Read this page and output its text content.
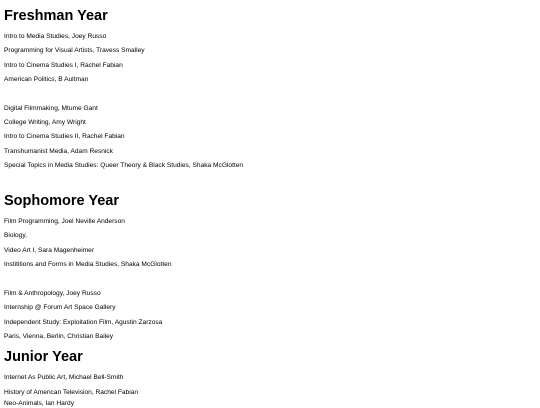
Freshman Year

Intro to Media Studies, Joey Russo

Programming for Visual Artists, Travess Smalley

Intro to Cinema Studies I, Rachel Fabian

American Politics, B Aultman

Digital Filmmaking, Mtume Gant

College Writing, Amy Wright

Intro to Cinema Studies II, Rachel Fabian

Transhumanist Media, Adam Resnick

Special Topics in Media Studies: Queer Theory & Black Studies, Shaka McGlotten

Sophomore Year

Film Programming, Joel Neville Anderson

Biology,

Video Art I, Sara Magenheimer

Instititions and Forms in Media Studies, Shaka McGlotten

Film & Anthropology, Joey Russo

Internship @ Forum Art Space Gallery

Independent Study: Exploitation Film, Agustin Zarzosa

Paris, Vienna, Berlin, Christian Bailey

Junior Year

Internet As Public Art, Michael Bell-Smith

History of American Television, Rachel Fabian

Neo-Animals, Ian Hardy
